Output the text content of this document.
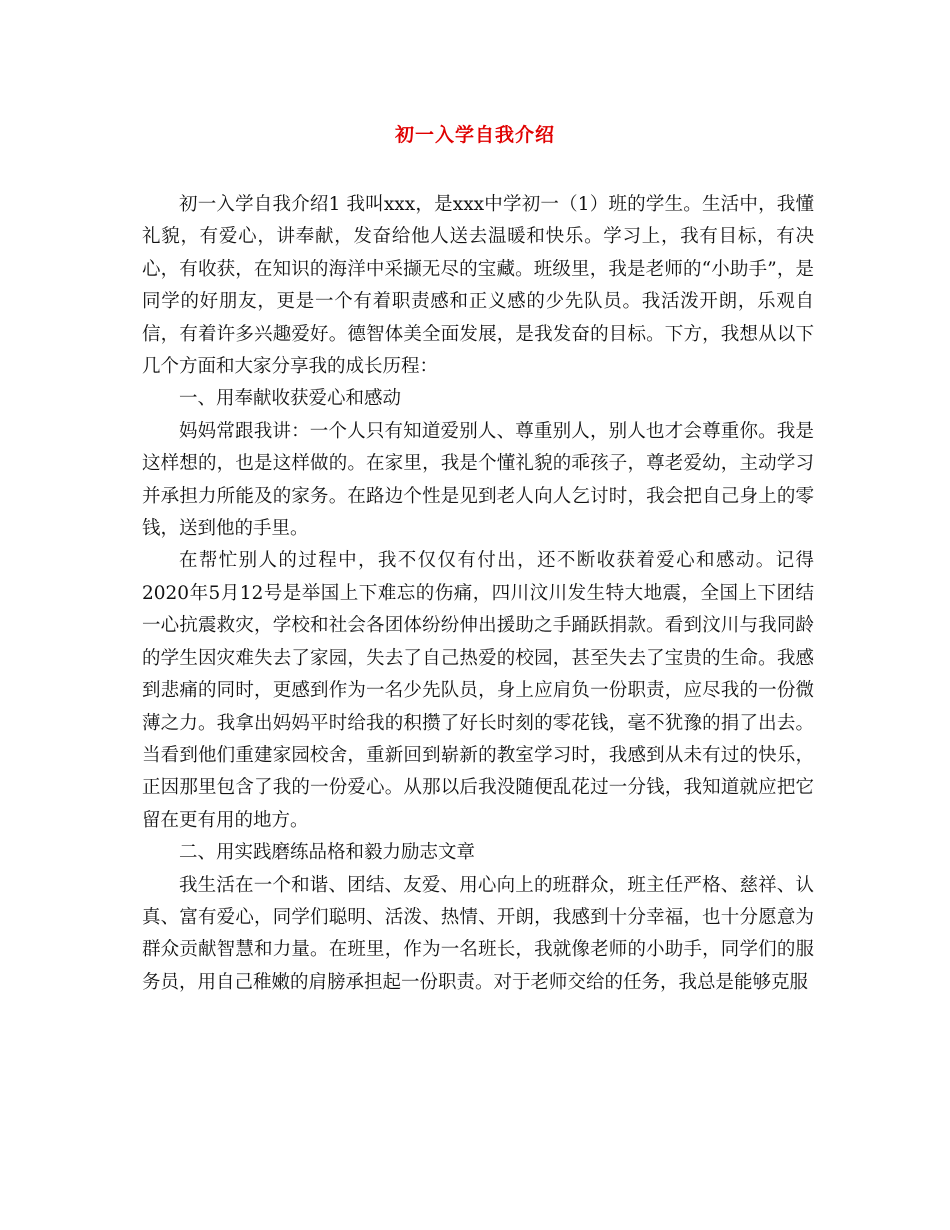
初一入学自我介绍

初一入学自我介绍1 我叫xxx，是xxx中学初一（1）班的学生。生活中，我懂礼貌，有爱心，讲奉献，发奋给他人送去温暖和快乐。学习上，我有目标，有决心，有收获，在知识的海洋中采撷无尽的宝藏。班级里，我是老师的“小助手”，是同学的好朋友，更是一个有着职责感和正义感的少先队员。我活泼开朗，乐观自信，有着许多兴趣爱好。德智体美全面发展，是我发奋的目标。下方，我想从以下几个方面和大家分享我的成长历程：

一、用奉献收获爱心和感动

妈妈常跟我讲：一个人只有知道爱别人、尊重别人，别人也才会尊重你。我是这样想的，也是这样做的。在家里，我是个懂礼貌的乖孩子，尊老爱幼，主动学习并承担力所能及的家务。在路边个性是见到老人向人乞讨时，我会把自己身上的零钱，送到他的手里。

在帮忙别人的过程中，我不仅仅有付出，还不断收获着爱心和感动。记得2020年5月12号是举国上下难忘的伤痛，四川汶川发生特大地震，全国上下团结一心抗震救灾，学校和社会各团体纷纷伸出援助之手踊跃捐款。看到汶川与我同龄的学生因灾难失去了家园，失去了自己热爱的校园，甚至失去了宝贵的生命。我感到悲痛的同时，更感到作为一名少先队员，身上应肩负一份职责，应尽我的一份微薄之力。我拿出妈妈平时给我的积攒了好长时刻的零花钱，毫不犹豫的捐了出去。当看到他们重建家园校舍，重新回到崭新的教室学习时，我感到从未有过的快乐，正因那里包含了我的一份爱心。从那以后我没随便乱花过一分钱，我知道就应把它留在更有用的地方。

二、用实践磨练品格和毅力励志文章

我生活在一个和谐、团结、友爱、用心向上的班群众，班主任严格、慈祥、认真、富有爱心，同学们聪明、活泼、热情、开朗，我感到十分幸福，也十分愿意为群众贡献智慧和力量。在班里，作为一名班长，我就像老师的小助手，同学们的服务员，用自己稚嫩的肩膀承担起一份职责。对于老师交给的任务，我总是能够克服
